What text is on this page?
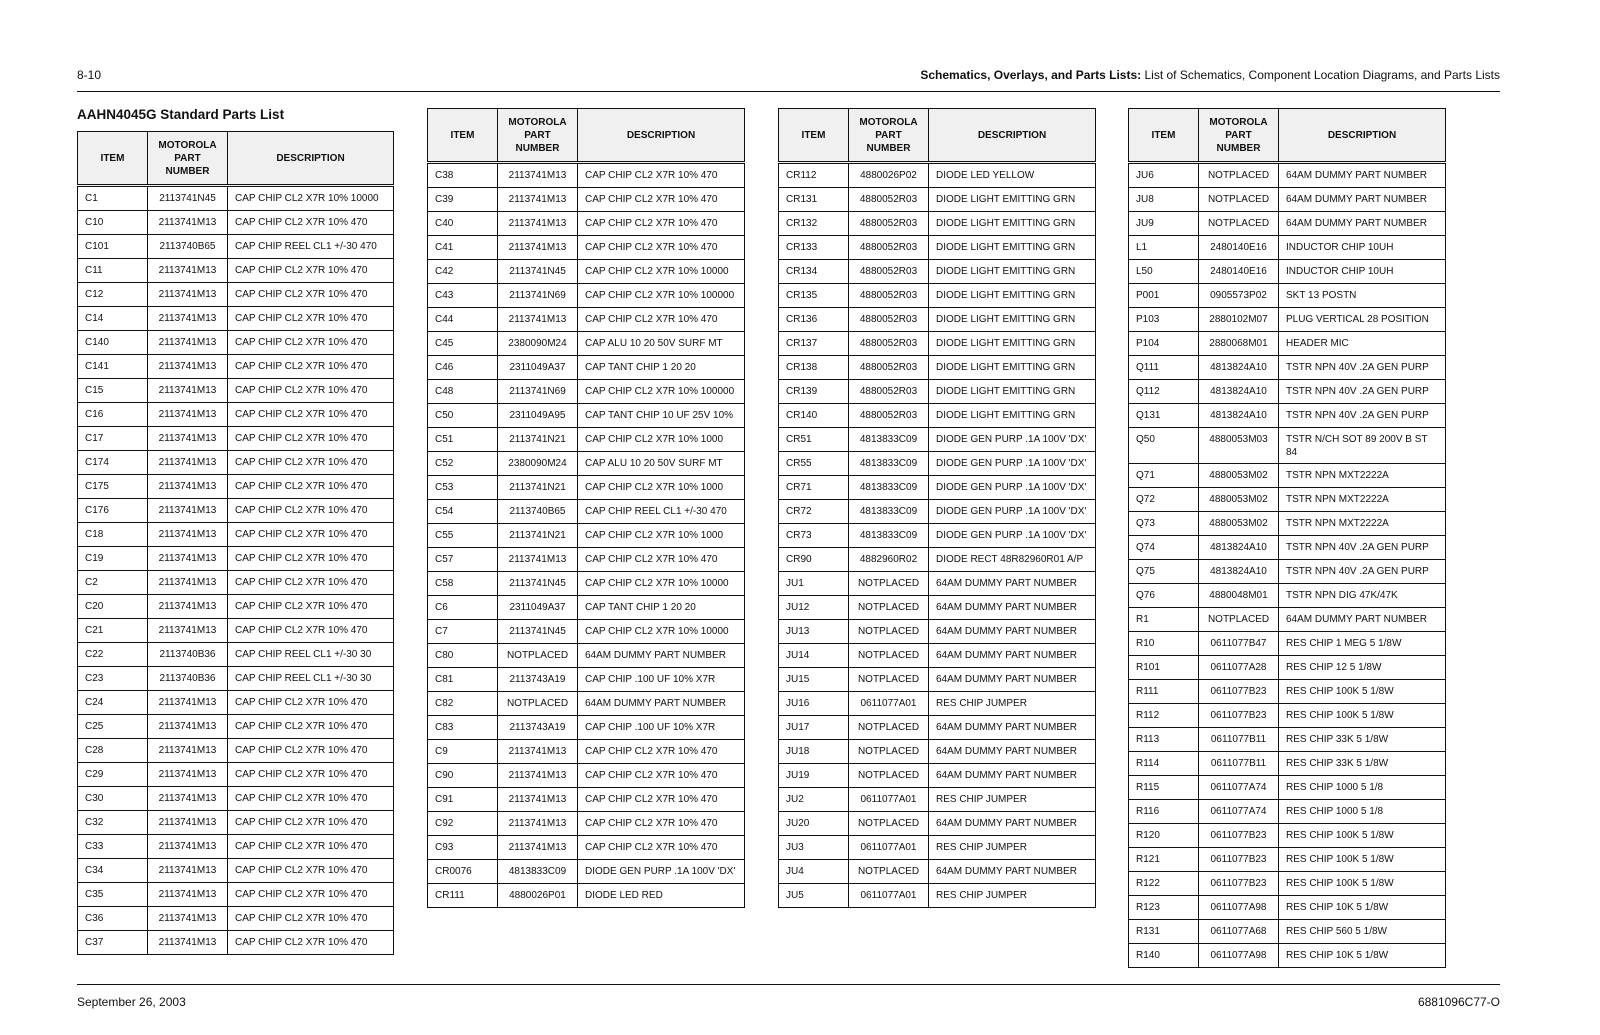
8-10	Schematics, Overlays, and Parts Lists: List of Schematics, Component Location Diagrams, and Parts Lists
AAHN4045G Standard Parts List
ITEM	MOTOROLA
PART
NUMBER	DESCRIPTION
C1	2113741N45	CAP CHIP CL2 X7R 10% 10000
C10	2113741M13	CAP CHIP CL2 X7R 10% 470
C101	2113740B65	CAP CHIP REEL CL1 +/-30 470
C11	2113741M13	CAP CHIP CL2 X7R 10% 470
C12	2113741M13	CAP CHIP CL2 X7R 10% 470
C14	2113741M13	CAP CHIP CL2 X7R 10% 470
C140	2113741M13	CAP CHIP CL2 X7R 10% 470
C141	2113741M13	CAP CHIP CL2 X7R 10% 470
C15	2113741M13	CAP CHIP CL2 X7R 10% 470
C16	2113741M13	CAP CHIP CL2 X7R 10% 470
C17	2113741M13	CAP CHIP CL2 X7R 10% 470
C174	2113741M13	CAP CHIP CL2 X7R 10% 470
C175	2113741M13	CAP CHIP CL2 X7R 10% 470
C176	2113741M13	CAP CHIP CL2 X7R 10% 470
C18	2113741M13	CAP CHIP CL2 X7R 10% 470
C19	2113741M13	CAP CHIP CL2 X7R 10% 470
C2	2113741M13	CAP CHIP CL2 X7R 10% 470
C20	2113741M13	CAP CHIP CL2 X7R 10% 470
C21	2113741M13	CAP CHIP CL2 X7R 10% 470
C22	2113740B36	CAP CHIP REEL CL1 +/-30 30
C23	2113740B36	CAP CHIP REEL CL1 +/-30 30
C24	2113741M13	CAP CHIP CL2 X7R 10% 470
C25	2113741M13	CAP CHIP CL2 X7R 10% 470
C28	2113741M13	CAP CHIP CL2 X7R 10% 470
C29	2113741M13	CAP CHIP CL2 X7R 10% 470
C30	2113741M13	CAP CHIP CL2 X7R 10% 470
C32	2113741M13	CAP CHIP CL2 X7R 10% 470
C33	2113741M13	CAP CHIP CL2 X7R 10% 470
C34	2113741M13	CAP CHIP CL2 X7R 10% 470
C35	2113741M13	CAP CHIP CL2 X7R 10% 470
C36	2113741M13	CAP CHIP CL2 X7R 10% 470
C37	2113741M13	CAP CHIP CL2 X7R 10% 470
ITEM	MOTOROLA
PART
NUMBER	DESCRIPTION
C38	2113741M13	CAP CHIP CL2 X7R 10% 470
C39	2113741M13	CAP CHIP CL2 X7R 10% 470
C40	2113741M13	CAP CHIP CL2 X7R 10% 470
C41	2113741M13	CAP CHIP CL2 X7R 10% 470
C42	2113741N45	CAP CHIP CL2 X7R 10% 10000
C43	2113741N69	CAP CHIP CL2 X7R 10% 100000
C44	2113741M13	CAP CHIP CL2 X7R 10% 470
C45	2380090M24	CAP ALU 10 20 50V SURF MT
C46	2311049A37	CAP TANT CHIP 1 20 20
C48	2113741N69	CAP CHIP CL2 X7R 10% 100000
C50	2311049A95	CAP TANT CHIP 10 UF 25V 10%
C51	2113741N21	CAP CHIP CL2 X7R 10% 1000
C52	2380090M24	CAP ALU 10 20 50V SURF MT
C53	2113741N21	CAP CHIP CL2 X7R 10% 1000
C54	2113740B65	CAP CHIP REEL CL1 +/-30 470
C55	2113741N21	CAP CHIP CL2 X7R 10% 1000
C57	2113741M13	CAP CHIP CL2 X7R 10% 470
C58	2113741N45	CAP CHIP CL2 X7R 10% 10000
C6	2311049A37	CAP TANT CHIP 1 20 20
C7	2113741N45	CAP CHIP CL2 X7R 10% 10000
C80	NOTPLACED	64AM DUMMY PART NUMBER
C81	2113743A19	CAP CHIP .100 UF 10% X7R
C82	NOTPLACED	64AM DUMMY PART NUMBER
C83	2113743A19	CAP CHIP .100 UF 10% X7R
C9	2113741M13	CAP CHIP CL2 X7R 10% 470
C90	2113741M13	CAP CHIP CL2 X7R 10% 470
C91	2113741M13	CAP CHIP CL2 X7R 10% 470
C92	2113741M13	CAP CHIP CL2 X7R 10% 470
C93	2113741M13	CAP CHIP CL2 X7R 10% 470
CR0076	4813833C09	DIODE GEN PURP .1A 100V 'DX'
CR111	4880026P01	DIODE LED RED
ITEM	MOTOROLA
PART
NUMBER	DESCRIPTION
CR112	4880026P02	DIODE LED YELLOW
CR131	4880052R03	DIODE LIGHT EMITTING GRN
CR132	4880052R03	DIODE LIGHT EMITTING GRN
CR133	4880052R03	DIODE LIGHT EMITTING GRN
CR134	4880052R03	DIODE LIGHT EMITTING GRN
CR135	4880052R03	DIODE LIGHT EMITTING GRN
CR136	4880052R03	DIODE LIGHT EMITTING GRN
CR137	4880052R03	DIODE LIGHT EMITTING GRN
CR138	4880052R03	DIODE LIGHT EMITTING GRN
CR139	4880052R03	DIODE LIGHT EMITTING GRN
CR140	4880052R03	DIODE LIGHT EMITTING GRN
CR51	4813833C09	DIODE GEN PURP .1A 100V 'DX'
CR55	4813833C09	DIODE GEN PURP .1A 100V 'DX'
CR71	4813833C09	DIODE GEN PURP .1A 100V 'DX'
CR72	4813833C09	DIODE GEN PURP .1A 100V 'DX'
CR73	4813833C09	DIODE GEN PURP .1A 100V 'DX'
CR90	4882960R02	DIODE RECT 48R82960R01 A/P
JU1	NOTPLACED	64AM DUMMY PART NUMBER
JU12	NOTPLACED	64AM DUMMY PART NUMBER
JU13	NOTPLACED	64AM DUMMY PART NUMBER
JU14	NOTPLACED	64AM DUMMY PART NUMBER
JU15	NOTPLACED	64AM DUMMY PART NUMBER
JU16	0611077A01	RES CHIP JUMPER
JU17	NOTPLACED	64AM DUMMY PART NUMBER
JU18	NOTPLACED	64AM DUMMY PART NUMBER
JU19	NOTPLACED	64AM DUMMY PART NUMBER
JU2	0611077A01	RES CHIP JUMPER
JU20	NOTPLACED	64AM DUMMY PART NUMBER
JU3	0611077A01	RES CHIP JUMPER
JU4	NOTPLACED	64AM DUMMY PART NUMBER
JU5	0611077A01	RES CHIP JUMPER
ITEM	MOTOROLA
PART
NUMBER	DESCRIPTION
JU6	NOTPLACED	64AM DUMMY PART NUMBER
JU8	NOTPLACED	64AM DUMMY PART NUMBER
JU9	NOTPLACED	64AM DUMMY PART NUMBER
L1	2480140E16	INDUCTOR CHIP 10UH
L50	2480140E16	INDUCTOR CHIP 10UH
P001	0905573P02	SKT 13 POSTN
P103	2880102M07	PLUG VERTICAL 28 POSITION
P104	2880068M01	HEADER MIC
Q111	4813824A10	TSTR NPN 40V .2A GEN PURP
Q112	4813824A10	TSTR NPN 40V .2A GEN PURP
Q131	4813824A10	TSTR NPN 40V .2A GEN PURP
Q50	4880053M03	TSTR N/CH SOT 89 200V B ST 84
Q71	4880053M02	TSTR NPN MXT2222A
Q72	4880053M02	TSTR NPN MXT2222A
Q73	4880053M02	TSTR NPN MXT2222A
Q74	4813824A10	TSTR NPN 40V .2A GEN PURP
Q75	4813824A10	TSTR NPN 40V .2A GEN PURP
Q76	4880048M01	TSTR NPN DIG 47K/47K
R1	NOTPLACED	64AM DUMMY PART NUMBER
R10	0611077B47	RES CHIP 1 MEG 5 1/8W
R101	0611077A28	RES CHIP 12 5 1/8W
R111	0611077B23	RES CHIP 100K 5 1/8W
R112	0611077B23	RES CHIP 100K 5 1/8W
R113	0611077B11	RES CHIP 33K 5 1/8W
R114	0611077B11	RES CHIP 33K 5 1/8W
R115	0611077A74	RES CHIP 1000 5 1/8
R116	0611077A74	RES CHIP 1000 5 1/8
R120	0611077B23	RES CHIP 100K 5 1/8W
R121	0611077B23	RES CHIP 100K 5 1/8W
R122	0611077B23	RES CHIP 100K 5 1/8W
R123	0611077A98	RES CHIP 10K 5 1/8W
R131	0611077A68	RES CHIP 560 5 1/8W
R140	0611077A98	RES CHIP 10K 5 1/8W
September 26, 2003	6881096C77-O
